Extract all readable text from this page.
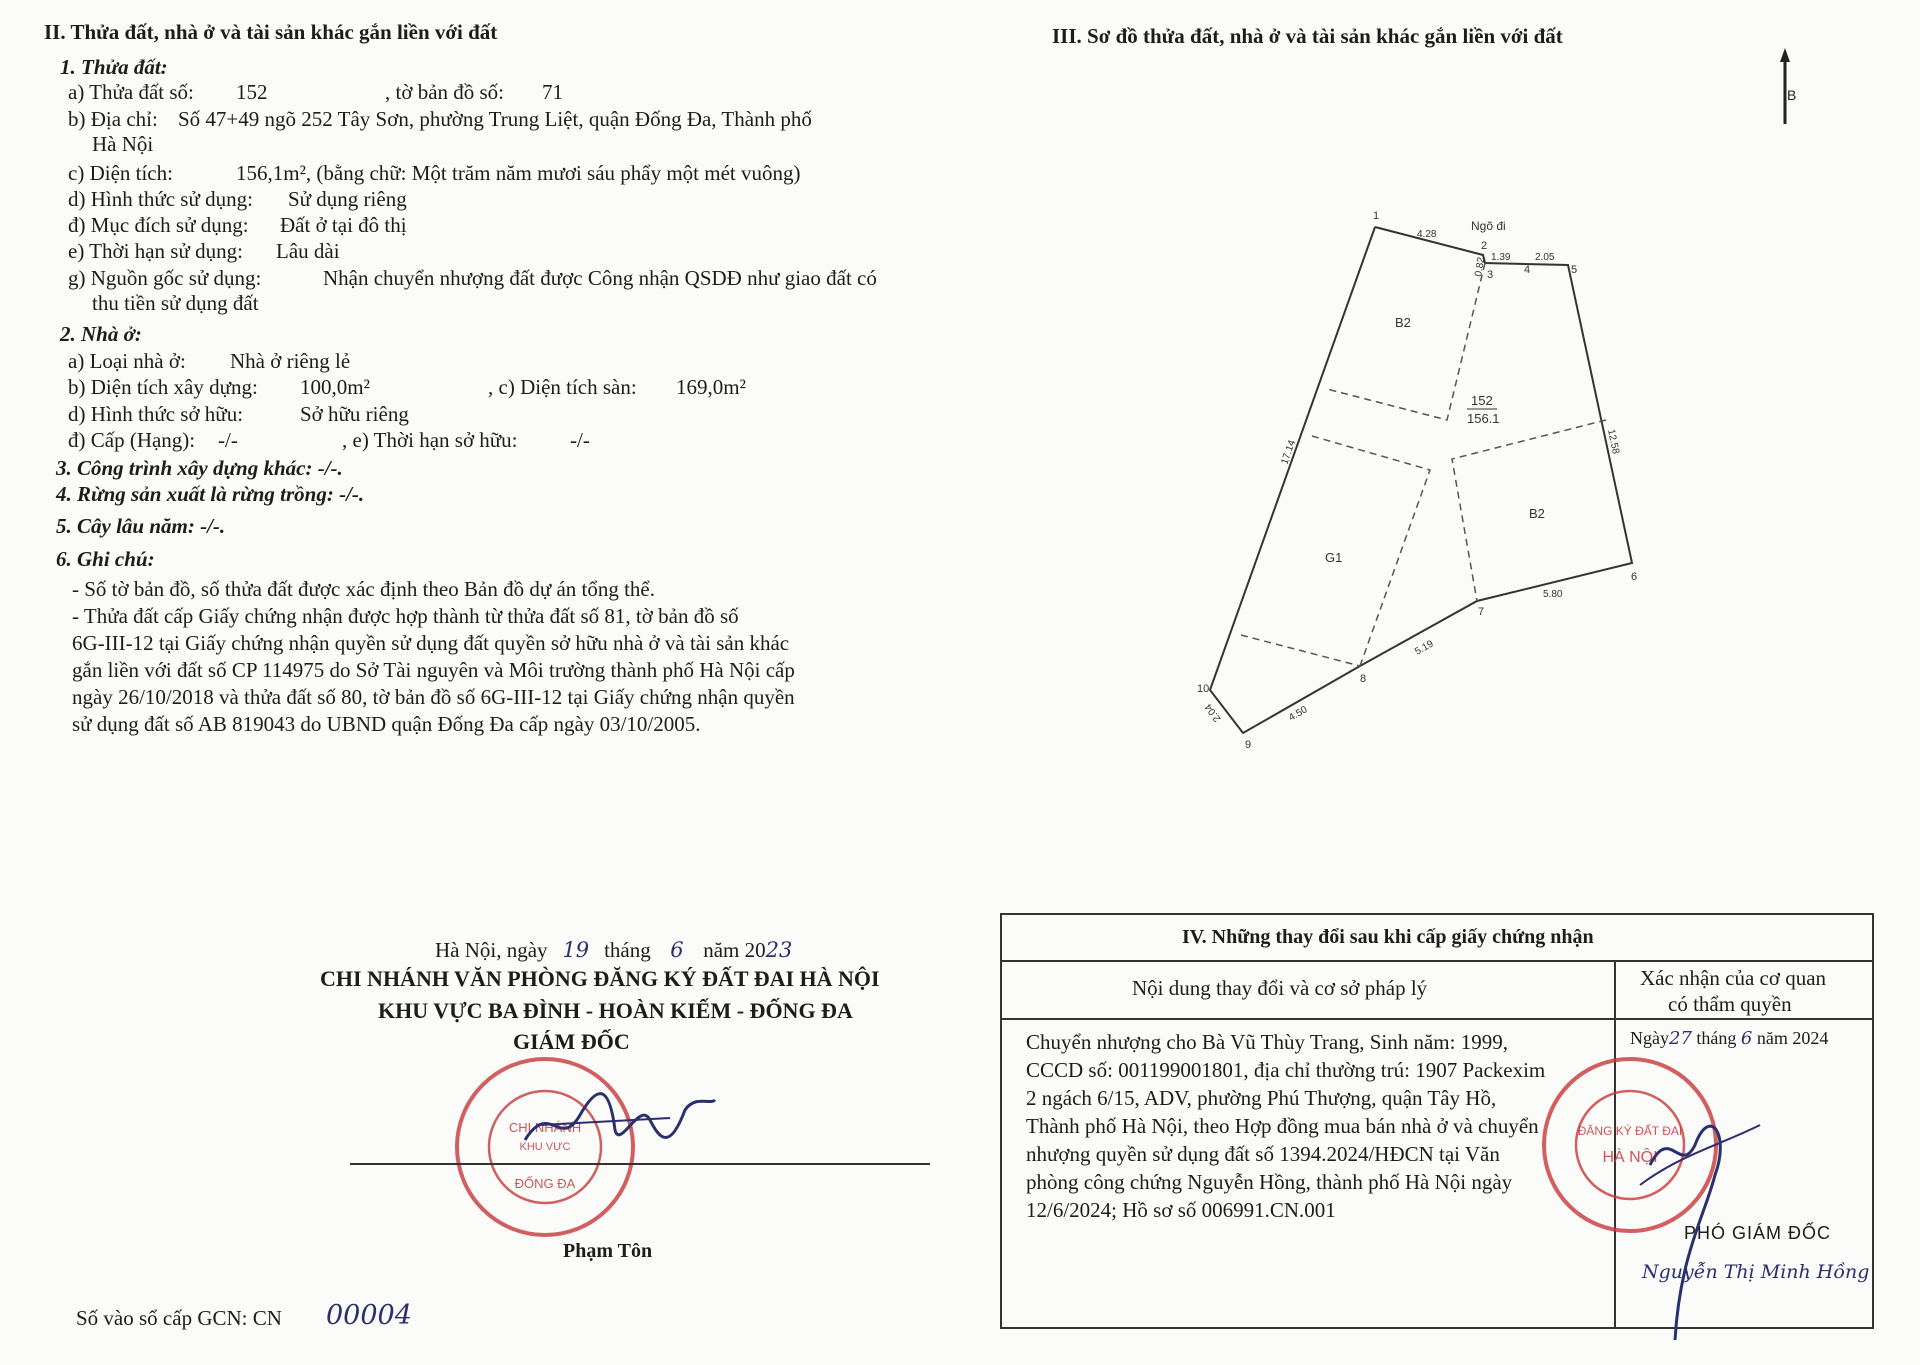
II. Thửa đất, nhà ở và tài sản khác gắn liền với đất
1. Thửa đất:
a) Thửa đất số: 152	, tờ bản đồ số: 71
b) Địa chỉ: Số 47+49 ngõ 252 Tây Sơn, phường Trung Liệt, quận Đống Đa, Thành phố
Hà Nội
c) Diện tích:	156,1m², (bằng chữ: Một trăm năm mươi sáu phẩy một mét vuông)
d) Hình thức sử dụng: Sử dụng riêng
đ) Mục đích sử dụng: Đất ở tại đô thị
e) Thời hạn sử dụng: Lâu dài
g) Nguồn gốc sử dụng:	Nhận chuyển nhượng đất được Công nhận QSDĐ như giao đất có
thu tiền sử dụng đất
2. Nhà ở:
a) Loại nhà ở: Nhà ở riêng lẻ
b) Diện tích xây dựng: 100,0m²	, c) Diện tích sàn: 169,0m²
d) Hình thức sở hữu:	Sở hữu riêng
đ) Cấp (Hạng): -/-	, e) Thời hạn sở hữu: -/-
3. Công trình xây dựng khác: -/-.
4. Rừng sản xuất là rừng trồng: -/-.
5. Cây lâu năm: -/-.
6. Ghi chú:
- Số tờ bản đồ, số thửa đất được xác định theo Bản đồ dự án tổng thể.
- Thửa đất cấp Giấy chứng nhận được hợp thành từ thửa đất số 81, tờ bản đồ số
6G-III-12 tại Giấy chứng nhận quyền sử dụng đất quyền sở hữu nhà ở và tài sản khác
gắn liền với đất số CP 114975 do Sở Tài nguyên và Môi trường thành phố Hà Nội cấp
ngày 26/10/2018 và thửa đất số 80, tờ bản đồ số 6G-III-12 tại Giấy chứng nhận quyền
sử dụng đất số AB 819043 do UBND quận Đống Đa cấp ngày 03/10/2005.
Hà Nội, ngày 19 tháng 6 năm 2023
CHI NHÁNH VĂN PHÒNG ĐĂNG KÝ ĐẤT ĐAI HÀ NỘI
KHU VỰC BA ĐÌNH - HOÀN KIẾM - ĐỐNG ĐA
GIÁM ĐỐC
CHI NHÁNH
KHU VỰC
ĐỐNG ĐA
Phạm Tôn
Số vào sổ cấp GCN: CN 00004
III. Sơ đồ thửa đất, nhà ở và tài sản khác gắn liền với đất
B
Ngõ đi
B2
B2
G1
152
156.1
1
2
3	4	5
6
7
8
9
10
4.28
1.39 2.05
0.82
17.14	12.58
5.80
5.19
4.50
2.04
IV. Những thay đổi sau khi cấp giấy chứng nhận
Nội dung thay đổi và cơ sở pháp lý	Xác nhận của cơ quan
có thẩm quyền
Chuyển nhượng cho Bà Vũ Thùy Trang, Sinh năm: 1999,
CCCD số: 001199001801, địa chỉ thường trú: 1907 Packexim
2 ngách 6/15, ADV, phường Phú Thượng, quận Tây Hồ,
Thành phố Hà Nội, theo Hợp đồng mua bán nhà ở và chuyển
nhượng quyền sử dụng đất số 1394.2024/HĐCN tại Văn
phòng công chứng Nguyễn Hồng, thành phố Hà Nội ngày
12/6/2024; Hồ sơ số 006991.CN.001
Ngày27 tháng 6 năm 2024
PHÓ GIÁM ĐỐC
Nguyễn Thị Minh Hồng
ĐĂNG KÝ ĐẤT ĐAI
HÀ NỘI
